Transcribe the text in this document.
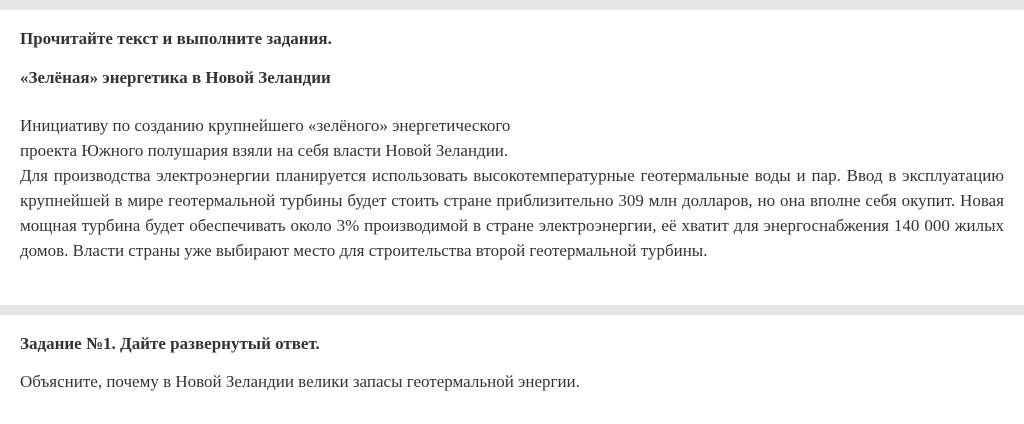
Прочитайте текст и выполните задания.

«Зелёная» энергетика в Новой Зеландии

Инициативу по созданию крупнейшего «зелёного» энергетического
проекта Южного полушария взяли на себя власти Новой Зеландии.

Для производства электроэнергии планируется использовать высокотемпературные геотермальные воды и пар. Ввод в эксплуатацию крупнейшей в мире геотермальной турбины будет стоить стране приблизительно 309 млн долларов, но она вполне себя окупит. Новая мощная турбина будет обеспечивать около 3% производимой в стране электроэнергии, её хватит для энергоснабжения 140 000 жилых домов. Власти страны уже выбирают место для строительства второй геотермальной турбины.

Задание №1. Дайте развернутый ответ.

Объясните, почему в Новой Зеландии велики запасы геотермальной энергии.
